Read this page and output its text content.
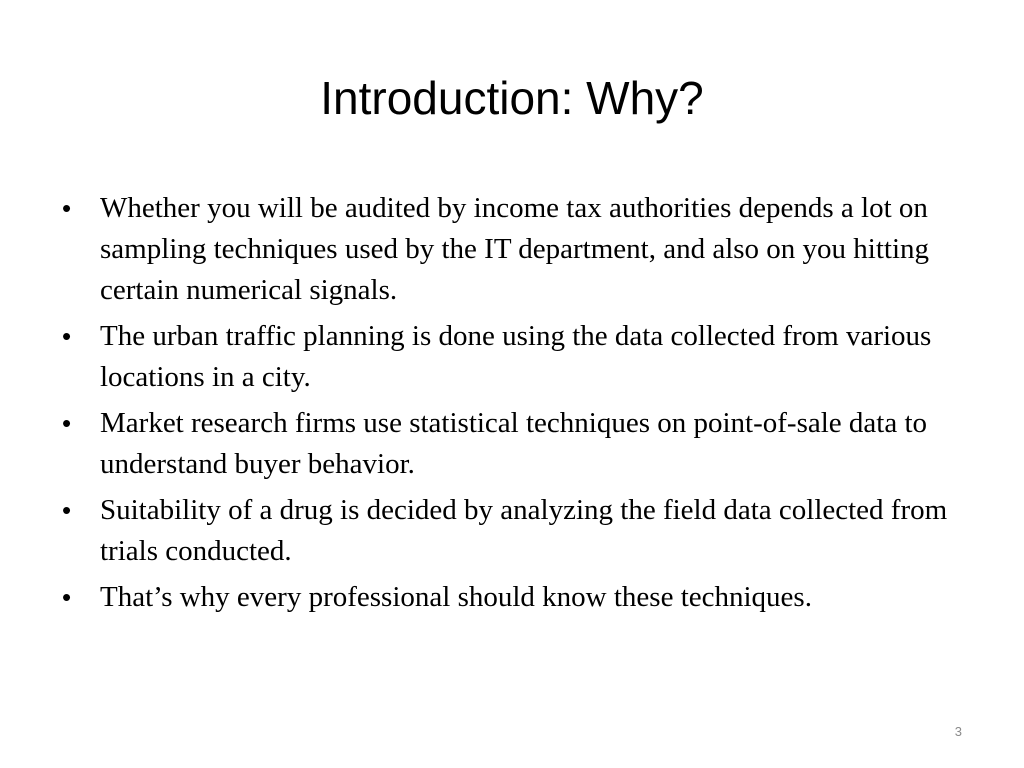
Introduction: Why?
• Whether you will be audited by income tax authorities depends a lot on sampling techniques used by the IT department, and also on you hitting certain numerical signals.
• The urban traffic planning is done using the data collected from various locations in a city.
• Market research firms use statistical techniques on point-of-sale data to understand buyer behavior.
• Suitability of a drug is decided by analyzing the field data collected from trials conducted.
• That’s why every professional should know these techniques.
3
